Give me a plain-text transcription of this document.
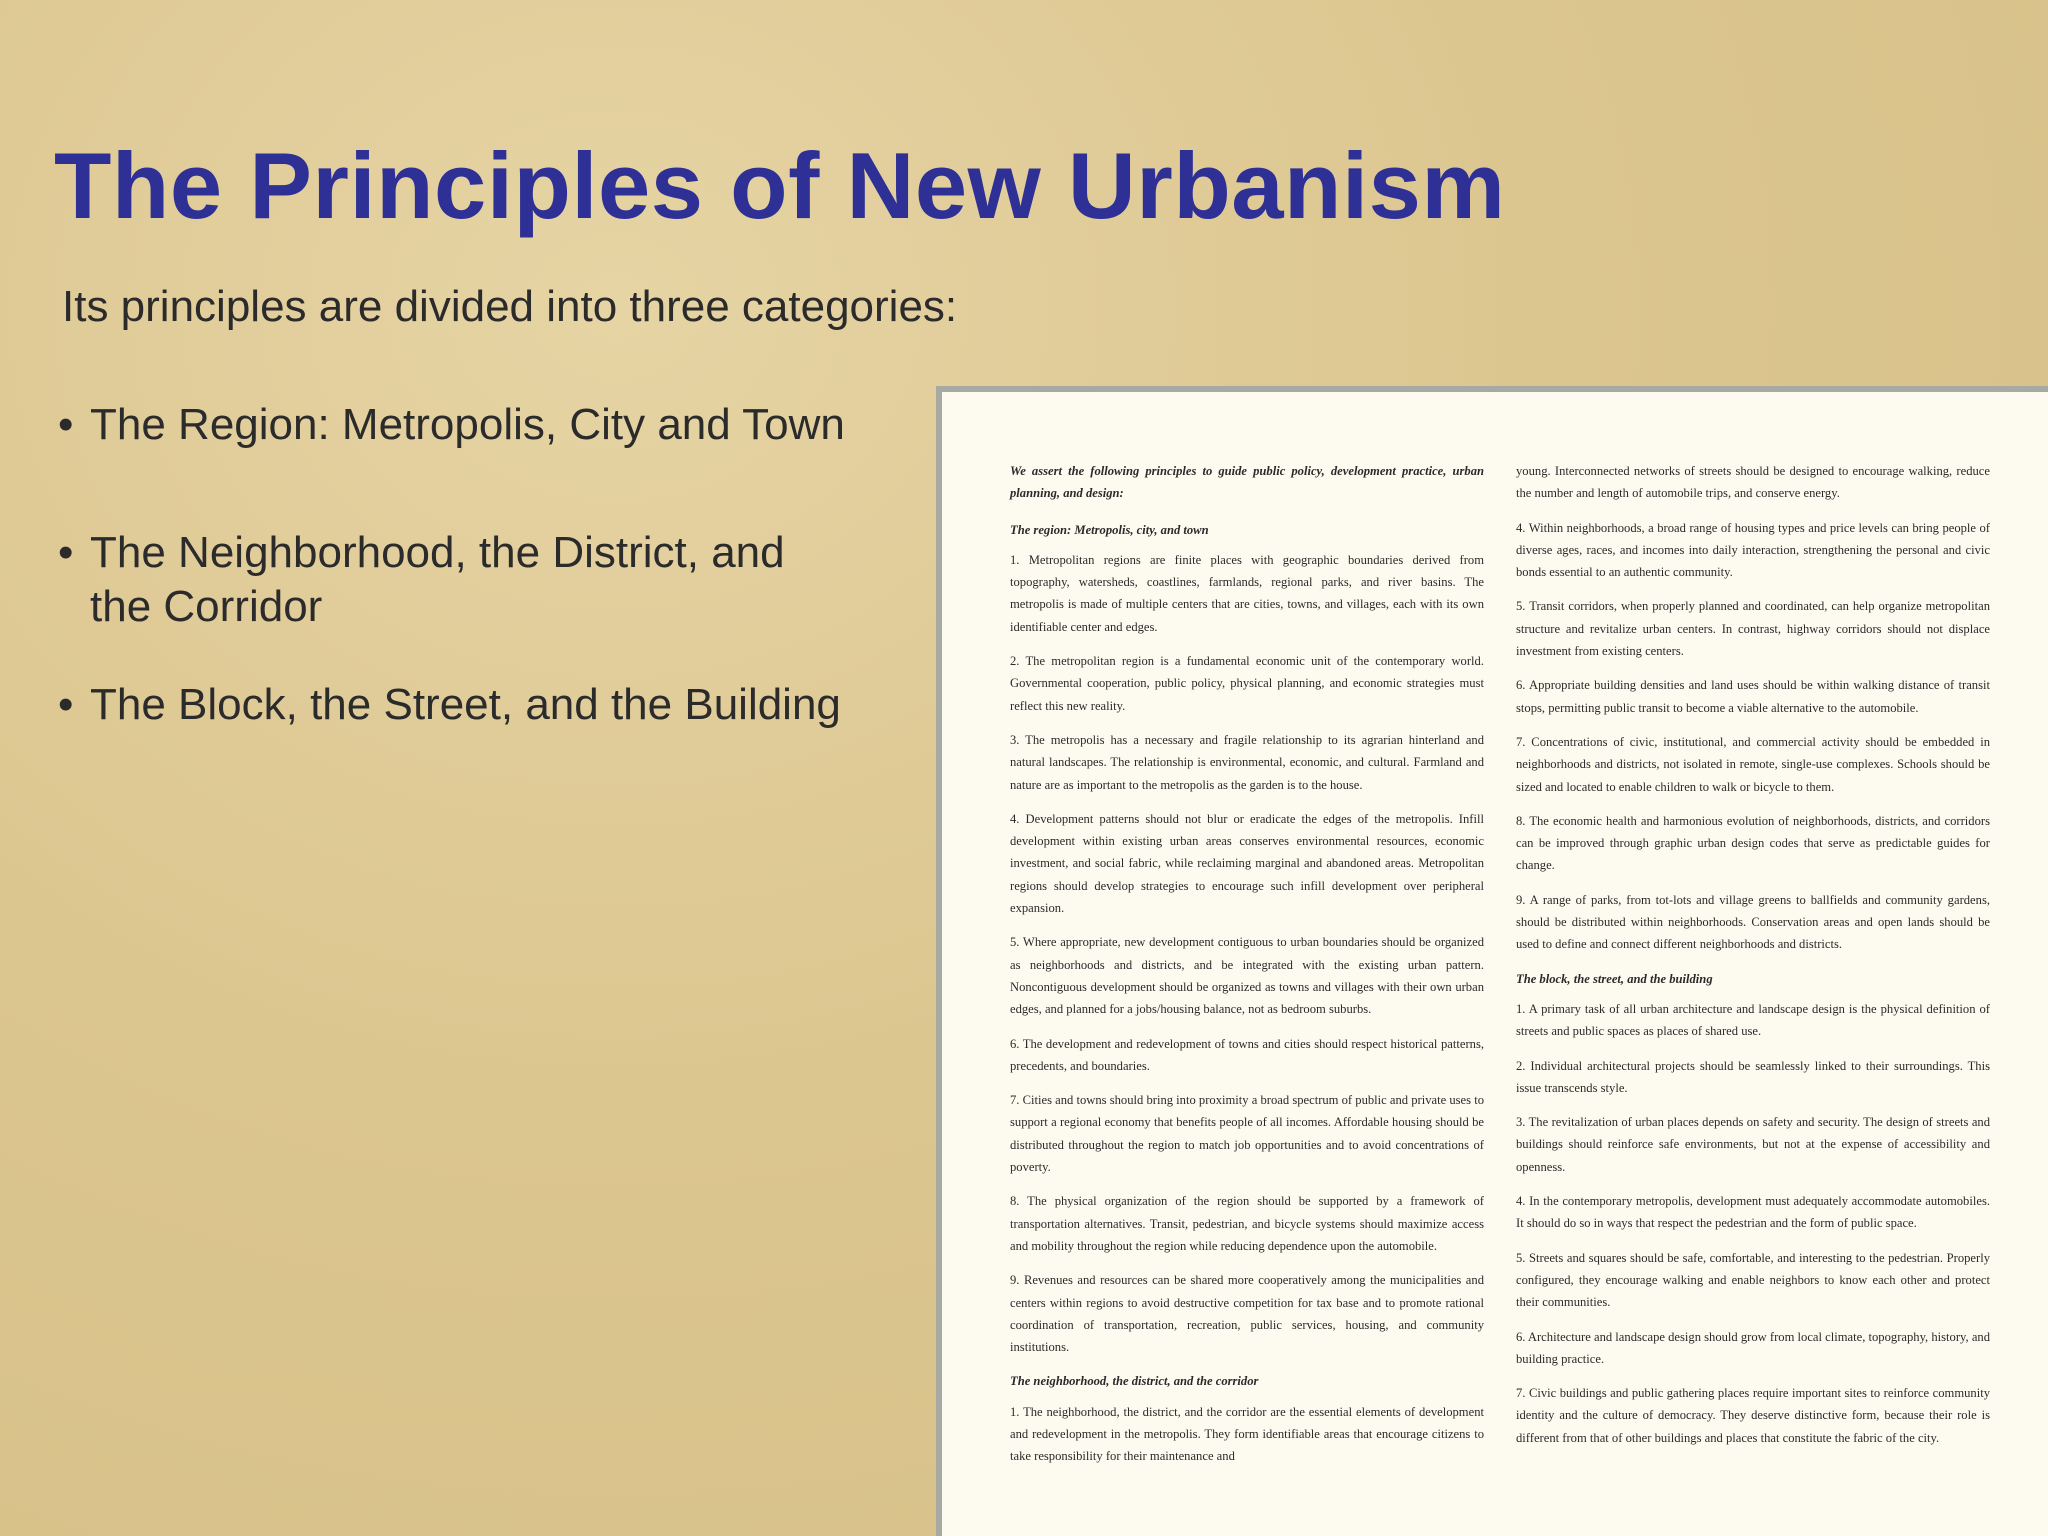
The Principles of New Urbanism
Its principles are divided into three categories:
• The Region: Metropolis, City and Town
• The Neighborhood, the District, and the Corridor
• The Block, the Street, and the Building

We assert the following principles to guide public policy, development practice, urban planning, and design:

The region: Metropolis, city, and town

1. Metropolitan regions are finite places with geographic boundaries derived from topography, watersheds, coastlines, farmlands, regional parks, and river basins. The metropolis is made of multiple centers that are cities, towns, and villages, each with its own identifiable center and edges.

2. The metropolitan region is a fundamental economic unit of the contemporary world. Governmental cooperation, public policy, physical planning, and economic strategies must reflect this new reality.

3. The metropolis has a necessary and fragile relationship to its agrarian hinterland and natural landscapes. The relationship is environmental, economic, and cultural. Farmland and nature are as important to the metropolis as the garden is to the house.

4. Development patterns should not blur or eradicate the edges of the metropolis. Infill development within existing urban areas conserves environmental resources, economic investment, and social fabric, while reclaiming marginal and abandoned areas. Metropolitan regions should develop strategies to encourage such infill development over peripheral expansion.

5. Where appropriate, new development contiguous to urban boundaries should be organized as neighborhoods and districts, and be integrated with the existing urban pattern. Noncontiguous development should be organized as towns and villages with their own urban edges, and planned for a jobs/housing balance, not as bedroom suburbs.

6. The development and redevelopment of towns and cities should respect historical patterns, precedents, and boundaries.

7. Cities and towns should bring into proximity a broad spectrum of public and private uses to support a regional economy that benefits people of all incomes. Affordable housing should be distributed throughout the region to match job opportunities and to avoid concentrations of poverty.

8. The physical organization of the region should be supported by a framework of transportation alternatives. Transit, pedestrian, and bicycle systems should maximize access and mobility throughout the region while reducing dependence upon the automobile.

9. Revenues and resources can be shared more cooperatively among the municipalities and centers within regions to avoid destructive competition for tax base and to promote rational coordination of transportation, recreation, public services, housing, and community institutions.

The neighborhood, the district, and the corridor

1. The neighborhood, the district, and the corridor are the essential elements of development and redevelopment in the metropolis. They form identifiable areas that encourage citizens to take responsibility for their maintenance and

young. Interconnected networks of streets should be designed to encourage walking, reduce the number and length of automobile trips, and conserve energy.

4. Within neighborhoods, a broad range of housing types and price levels can bring people of diverse ages, races, and incomes into daily interaction, strengthening the personal and civic bonds essential to an authentic community.

5. Transit corridors, when properly planned and coordinated, can help organize metropolitan structure and revitalize urban centers. In contrast, highway corridors should not displace investment from existing centers.

6. Appropriate building densities and land uses should be within walking distance of transit stops, permitting public transit to become a viable alternative to the automobile.

7. Concentrations of civic, institutional, and commercial activity should be embedded in neighborhoods and districts, not isolated in remote, single-use complexes. Schools should be sized and located to enable children to walk or bicycle to them.

8. The economic health and harmonious evolution of neighborhoods, districts, and corridors can be improved through graphic urban design codes that serve as predictable guides for change.

9. A range of parks, from tot-lots and village greens to ballfields and community gardens, should be distributed within neighborhoods. Conservation areas and open lands should be used to define and connect different neighborhoods and districts.

The block, the street, and the building

1. A primary task of all urban architecture and landscape design is the physical definition of streets and public spaces as places of shared use.

2. Individual architectural projects should be seamlessly linked to their surroundings. This issue transcends style.

3. The revitalization of urban places depends on safety and security. The design of streets and buildings should reinforce safe environments, but not at the expense of accessibility and openness.

4. In the contemporary metropolis, development must adequately accommodate automobiles. It should do so in ways that respect the pedestrian and the form of public space.

5. Streets and squares should be safe, comfortable, and interesting to the pedestrian. Properly configured, they encourage walking and enable neighbors to know each other and protect their communities.

6. Architecture and landscape design should grow from local climate, topography, history, and building practice.

7. Civic buildings and public gathering places require important sites to reinforce community identity and the culture of democracy. They deserve distinctive form, because their role is different from that of other buildings and places that constitute the fabric of the city.
